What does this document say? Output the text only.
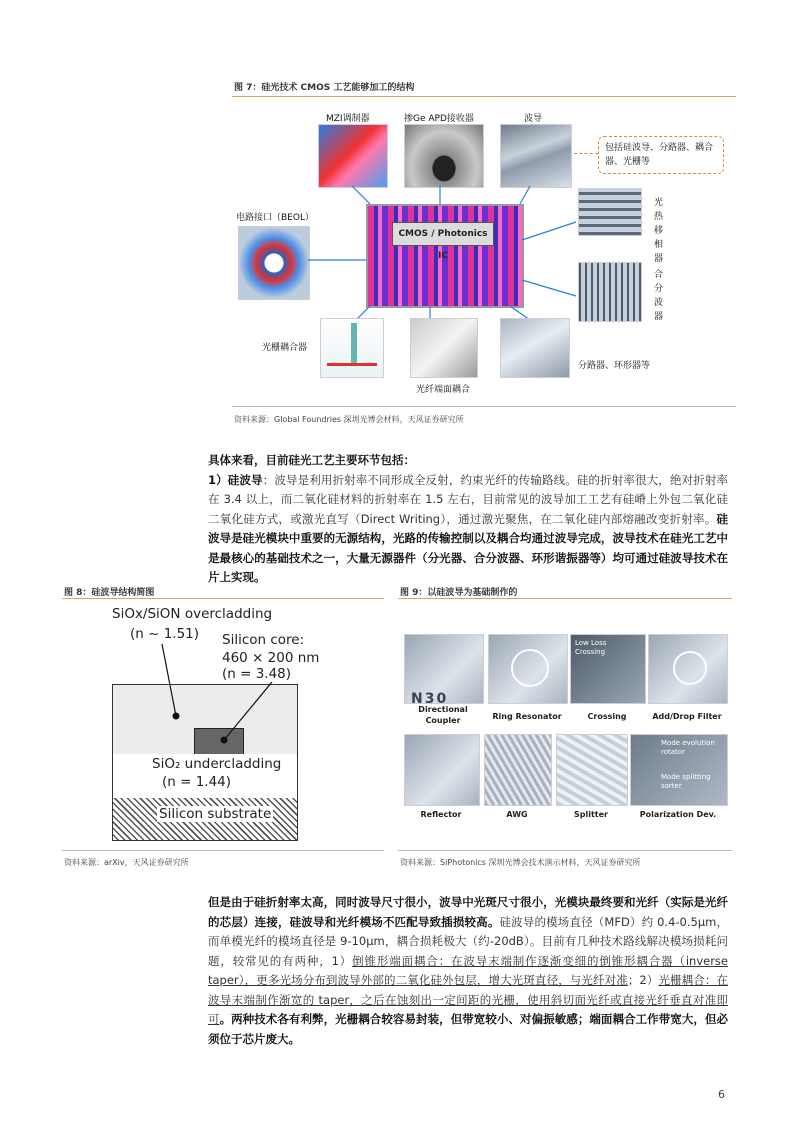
图 7：硅光技术 CMOS 工艺能够加工的结构
MZI调制器	掺Ge APD接收器	波导
包括硅波导、分路器、耦合器、光栅等
电路接口（BEOL）
CMOS / Photonics IC
光热移相器
合分波器
光栅耦合器
光纤端面耦合
分路器、环形器等
资料来源：Global Foundries 深圳光博会材料，天风证券研究所
具体来看，目前硅光工艺主要环节包括：
1）硅波导：波导是利用折射率不同形成全反射，约束光纤的传输路线。硅的折射率很大，绝对折射率在 3.4 以上，而二氧化硅材料的折射率在 1.5 左右，目前常见的波导加工工艺有硅嵴上外包二氧化硅二氧化硅方式，或激光直写（Direct Writing），通过激光聚焦，在二氧化硅内部熔融改变折射率。硅波导是硅光模块中重要的无源结构，光路的传输控制以及耦合均通过波导完成，波导技术在硅光工艺中是最核心的基础技术之一，大量无源器件（分光器、合分波器、环形谐振器等）均可通过硅波导技术在片上实现。
图 8：硅波导结构简图
SiOx/SiON overcladding
(n ~ 1.51) Silicon core:
460 × 200 nm
(n = 3.48)
SiO₂ undercladding
(n = 1.44)
Silicon substrate
资料来源：arXiv，天风证券研究所
图 9：以硅波导为基础制作的
N30
Low Loss Crossing
Directional Coupler	Ring Resonator	Crossing	Add/Drop Filter
Mode evolution rotator
Mode splitting sorter
Reflector	AWG	Splitter	Polarization Dev.
资料来源：SiPhotonics 深圳光博会技术演示材料，天风证券研究所
但是由于硅折射率太高，同时波导尺寸很小，波导中光斑尺寸很小，光模块最终要和光纤（实际是光纤的芯层）连接，硅波导和光纤模场不匹配导致插损较高。硅波导的模场直径（MFD）约 0.4-0.5μm，而单模光纤的模场直径是 9-10μm，耦合损耗极大（约-20dB）。目前有几种技术路线解决模场损耗问题，较常见的有两种，1）倒锥形端面耦合：在波导末端制作逐渐变细的倒锥形耦合器（inverse taper），更多光场分布到波导外部的二氧化硅外包层，增大光斑直径，与光纤对准；2）光栅耦合：在波导末端制作渐宽的 taper，之后在蚀刻出一定间距的光栅，使用斜切面光纤或直接光纤垂直对准即可。两种技术各有利弊，光栅耦合较容易封装，但带宽较小、对偏振敏感；端面耦合工作带宽大，但必须位于芯片废大。
6
